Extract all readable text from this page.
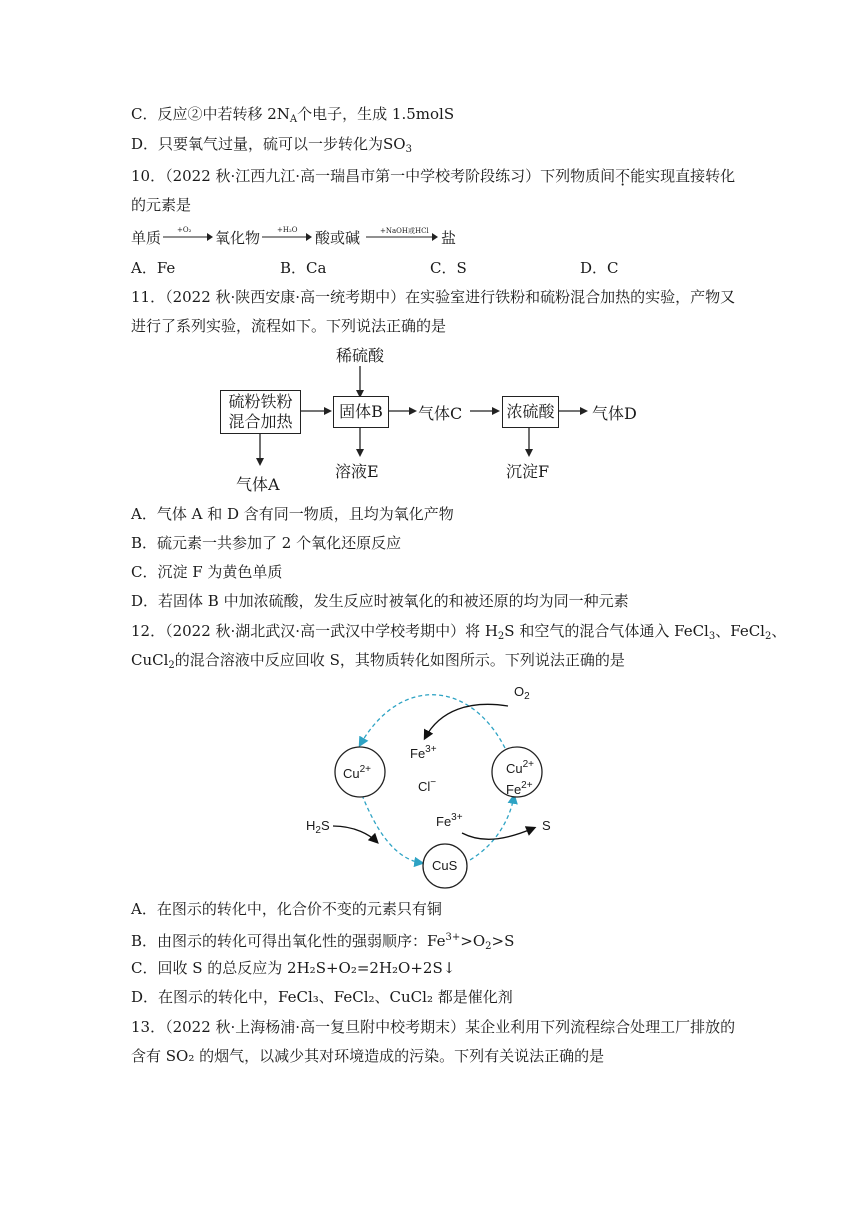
C．反应②中若转移 $2N_A$个电子，生成 1.5molS
D．只要氧气过量，硫可以一步转化为$SO_3$
10．（2022 秋·江西九江·高一瑞昌市第一中学校考阶段练习）下列物质间不能实现直接转化
的元素是
单质 +O₂ 氧化物 +H₂O 酸或碱	+NaOH或HCl 盐
A．Fe	B．Ca	C．S	D．C
11．（2022 秋·陕西安康·高一统考期中）在实验室进行铁粉和硫粉混合加热的实验，产物又
进行了系列实验，流程如下。下列说法正确的是
稀硫酸
硫粉铁粉
混合加热
固体B	气体C	浓硫酸 气体D
气体A
溶液E	沉淀F
A．气体 A 和 D 含有同一物质，且均为氧化产物
B．硫元素一共参加了 2 个氧化还原反应
C．沉淀 F 为黄色单质
D．若固体 B 中加浓硫酸，发生反应时被氧化的和被还原的均为同一种元素
12．（2022 秋·湖北武汉·高一武汉中学校考期中）将 $H_2S$ 和空气的混合气体通入 FeCl$_3$、FeCl$_2$、
CuCl$_2$的混合溶液中反应回收 S，其物质转化如图所示。下列说法正确的是
$O_2$
$Fe^{3+}$
Cl−
$Cu^{2+}$	$Cu^{2+}$
$Fe^{2+}$
$H_2S$	$Fe^{3+}$
S
CuS
A．在图示的转化中，化合价不变的元素只有铜
B．由图示的转化可得出氧化性的强弱顺序：$Fe^{3+}>O_2>S$
C．回收 S 的总反应为 2H₂S+O₂=2H₂O+2S↓
D．在图示的转化中，FeCl₃、FeCl₂、CuCl₂ 都是催化剂
13．（2022 秋·上海杨浦·高一复旦附中校考期末）某企业利用下列流程综合处理工厂排放的
含有 SO₂ 的烟气，以减少其对环境造成的污染。下列有关说法正确的是
